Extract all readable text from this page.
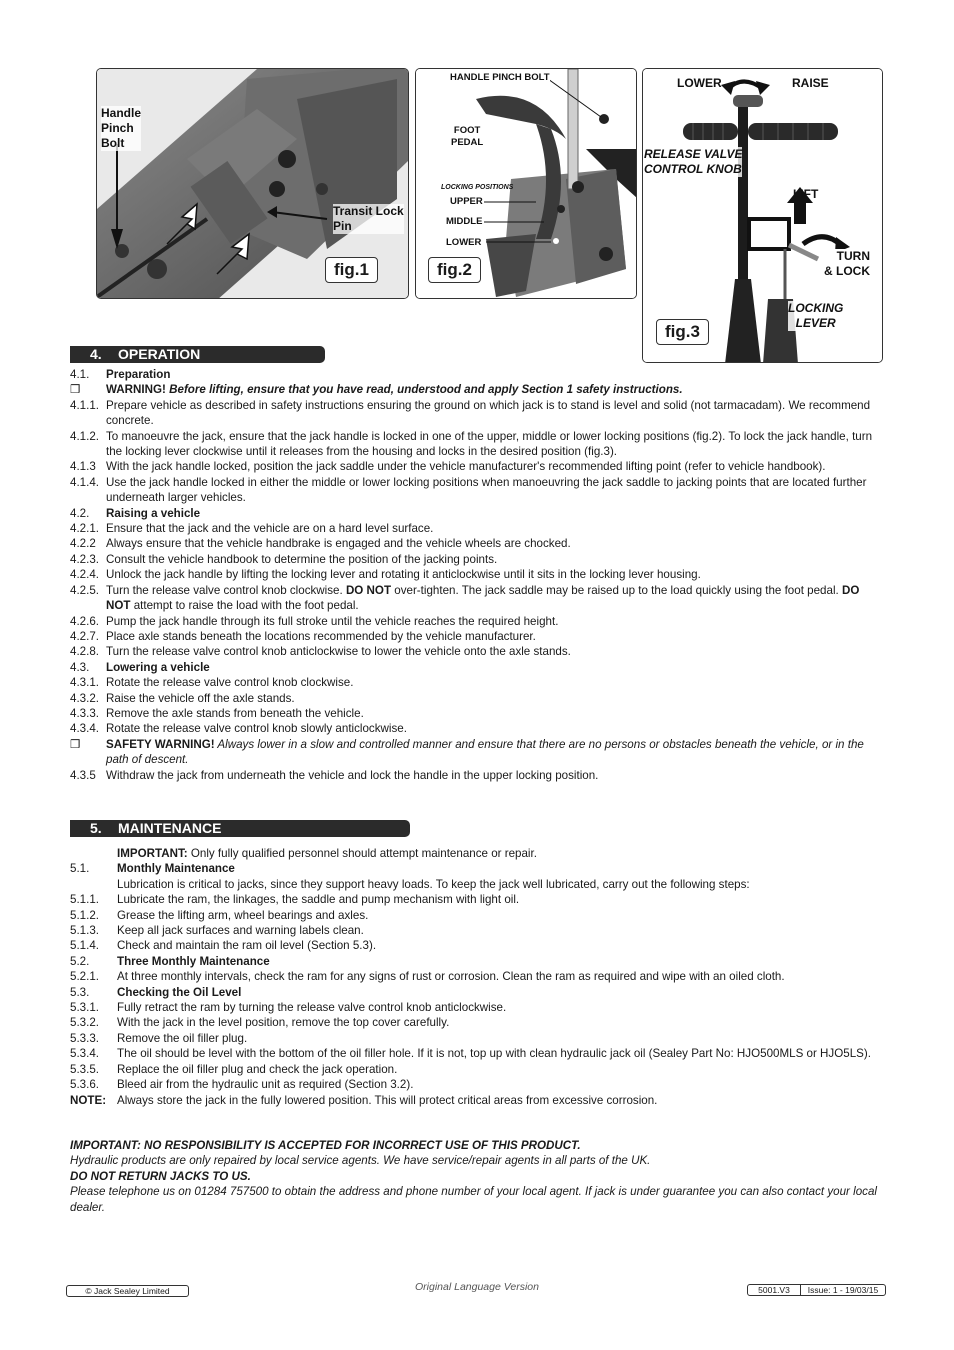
Handle
Pinch
Bolt
Transit Lock
Pin
fig.1
HANDLE PINCH BOLT
FOOT
PEDAL
LOCKING POSITIONS
UPPER
MIDDLE
LOWER
fig.2
LOWER	RAISE
RELEASE VALVE
CONTROL KNOB
LIFT
TURN
& LOCK
LOCKING
LEVER
fig.3
4. OPERATION
4.1.	Preparation
❒	WARNING! Before lifting, ensure that you have read, understood and apply Section 1 safety instructions.
4.1.1. Prepare vehicle as described in safety instructions ensuring the ground on which jack is to stand is level and solid (not tarmacadam). We recommend concrete.
4.1.2. To manoeuvre the jack, ensure that the jack handle is locked in one of the upper, middle or lower locking positions (fig.2). To lock the jack handle, turn the locking lever clockwise until it releases from the housing and locks in the desired position (fig.3).
4.1.3 With the jack handle locked, position the jack saddle under the vehicle manufacturer's recommended lifting point (refer to vehicle handbook).
4.1.4. Use the jack handle locked in either the middle or lower locking positions when manoeuvring the jack saddle to jacking points that are located further underneath larger vehicles.
4.2.	Raising a vehicle
4.2.1. Ensure that the jack and the vehicle are on a hard level surface.
4.2.2 Always ensure that the vehicle handbrake is engaged and the vehicle wheels are chocked.
4.2.3. Consult the vehicle handbook to determine the position of the jacking points.
4.2.4. Unlock the jack handle by lifting the locking lever and rotating it anticlockwise until it sits in the locking lever housing.
4.2.5. Turn the release valve control knob clockwise. DO NOT over-tighten. The jack saddle may be raised up to the load quickly using the foot pedal. DO NOT attempt to raise the load with the foot pedal.
4.2.6. Pump the jack handle through its full stroke until the vehicle reaches the required height.
4.2.7. Place axle stands beneath the locations recommended by the vehicle manufacturer.
4.2.8. Turn the release valve control knob anticlockwise to lower the vehicle onto the axle stands.
4.3.	Lowering a vehicle
4.3.1. Rotate the release valve control knob clockwise.
4.3.2. Raise the vehicle off the axle stands.
4.3.3. Remove the axle stands from beneath the vehicle.
4.3.4. Rotate the release valve control knob slowly anticlockwise.
❒	SAFETY WARNING! Always lower in a slow and controlled manner and ensure that there are no persons or obstacles beneath the vehicle, or in the path of descent.
4.3.5 Withdraw the jack from underneath the vehicle and lock the handle in the upper locking position.
5. MAINTENANCE
IMPORTANT: Only fully qualified personnel should attempt maintenance or repair.
5.1.	Monthly Maintenance
Lubrication is critical to jacks, since they support heavy loads. To keep the jack well lubricated, carry out the following steps:
5.1.1.	Lubricate the ram, the linkages, the saddle and pump mechanism with light oil.
5.1.2.	Grease the lifting arm, wheel bearings and axles.
5.1.3.	Keep all jack surfaces and warning labels clean.
5.1.4.	Check and maintain the ram oil level (Section 5.3).
5.2.	Three Monthly Maintenance
5.2.1.	At three monthly intervals, check the ram for any signs of rust or corrosion. Clean the ram as required and wipe with an oiled cloth.
5.3.	Checking the Oil Level
5.3.1.	Fully retract the ram by turning the release valve control knob anticlockwise.
5.3.2.	With the jack in the level position, remove the top cover carefully.
5.3.3.	Remove the oil filler plug.
5.3.4.	The oil should be level with the bottom of the oil filler hole. If it is not, top up with clean hydraulic jack oil (Sealey Part No: HJO500MLS or HJO5LS).
5.3.5.	Replace the oil filler plug and check the jack operation.
5.3.6.	Bleed air from the hydraulic unit as required (Section 3.2).
NOTE: Always store the jack in the fully lowered position. This will protect critical areas from excessive corrosion.
IMPORTANT: NO RESPONSIBILITY IS ACCEPTED FOR INCORRECT USE OF THIS PRODUCT.
Hydraulic products are only repaired by local service agents. We have service/repair agents in all parts of the UK.
DO NOT RETURN JACKS TO US.
Please telephone us on 01284 757500 to obtain the address and phone number of your local agent. If jack is under guarantee you can also contact your local dealer.
© Jack Sealey Limited	Original Language Version	5001.V3	Issue: 1 - 19/03/15
